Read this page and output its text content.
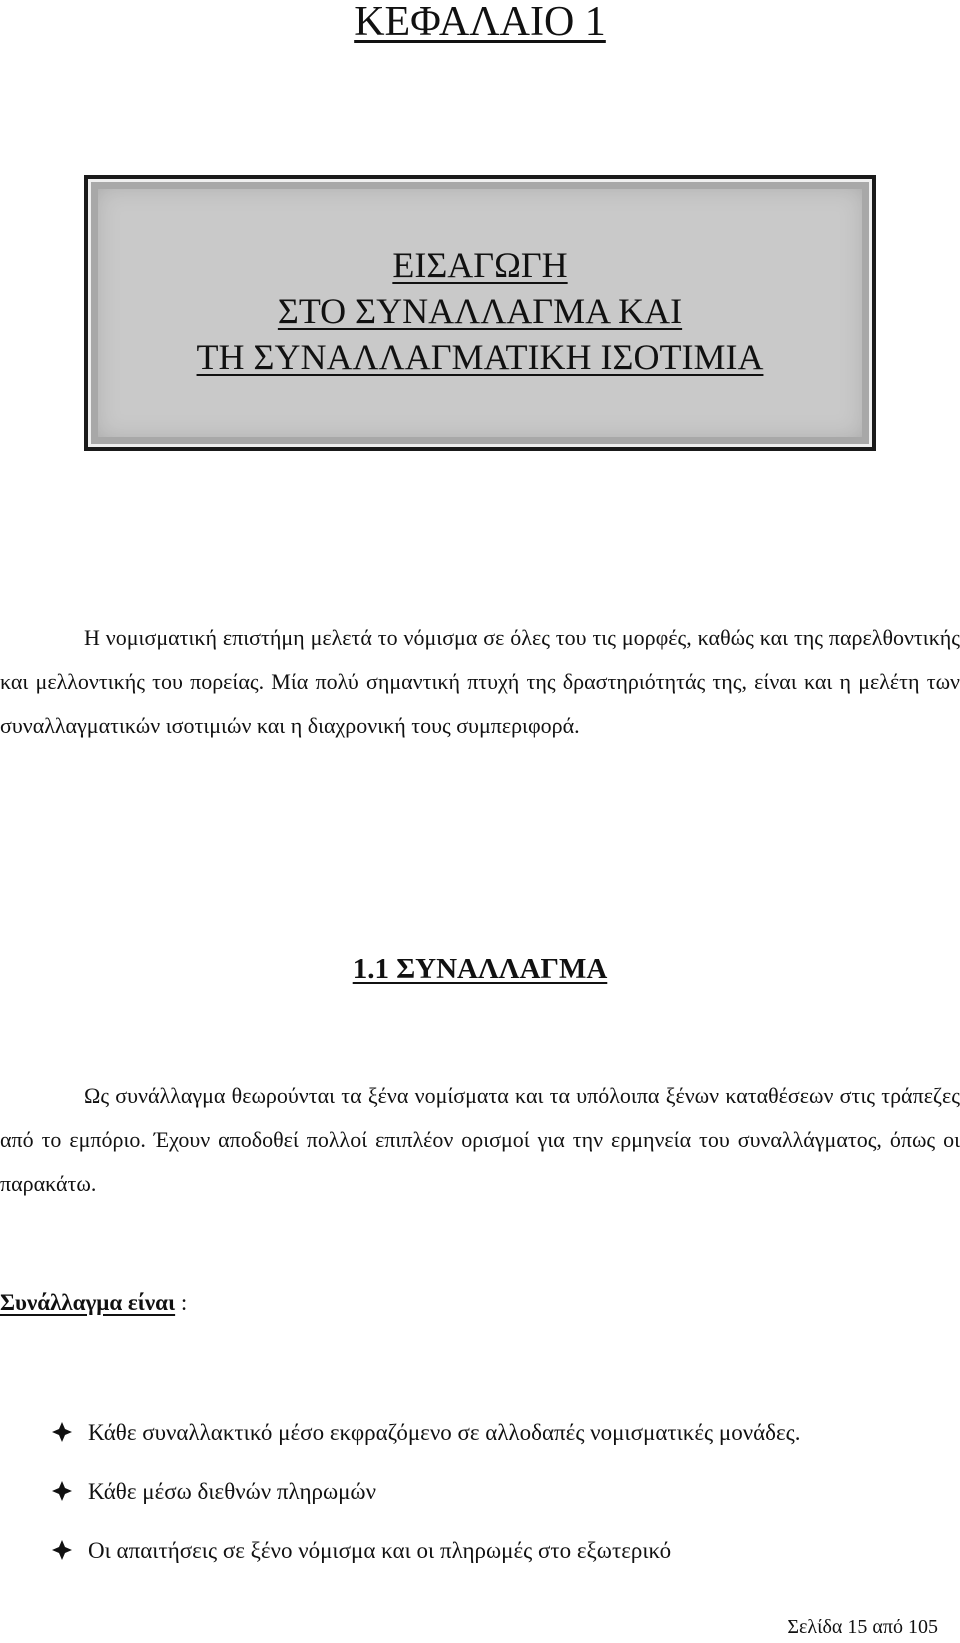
ΚΕΦΑΛΑΙΟ 1
ΕΙΣΑΓΩΓΗ
ΣΤΟ ΣΥΝΑΛΛΑΓΜΑ ΚΑΙ
ΤΗ ΣΥΝΑΛΛΑΓΜΑΤΙΚΗ ΙΣΟΤΙΜΙΑ

Η νομισματική επιστήμη μελετά το νόμισμα σε όλες του τις μορφές, καθώς και της παρελθοντικής και μελλοντικής του πορείας. Μία πολύ σημαντική πτυχή της δραστηριότητάς της, είναι και η μελέτη των συναλλαγματικών ισοτιμιών και η διαχρονική τους συμπεριφορά.

1.1 ΣΥΝΑΛΛΑΓΜΑ

Ως συνάλλαγμα θεωρούνται τα ξένα νομίσματα και τα υπόλοιπα ξένων καταθέσεων στις τράπεζες από το εμπόριο. Έχουν αποδοθεί πολλοί επιπλέον ορισμοί για την ερμηνεία του συναλλάγματος, όπως οι παρακάτω.

Συνάλλαγμα είναι :
Κάθε συναλλακτικό μέσο εκφραζόμενο σε αλλοδαπές νομισματικές μονάδες.
Κάθε μέσω διεθνών πληρωμών
Οι απαιτήσεις σε ξένο νόμισμα και οι πληρωμές στο εξωτερικό
Σελίδα 15 από 105
